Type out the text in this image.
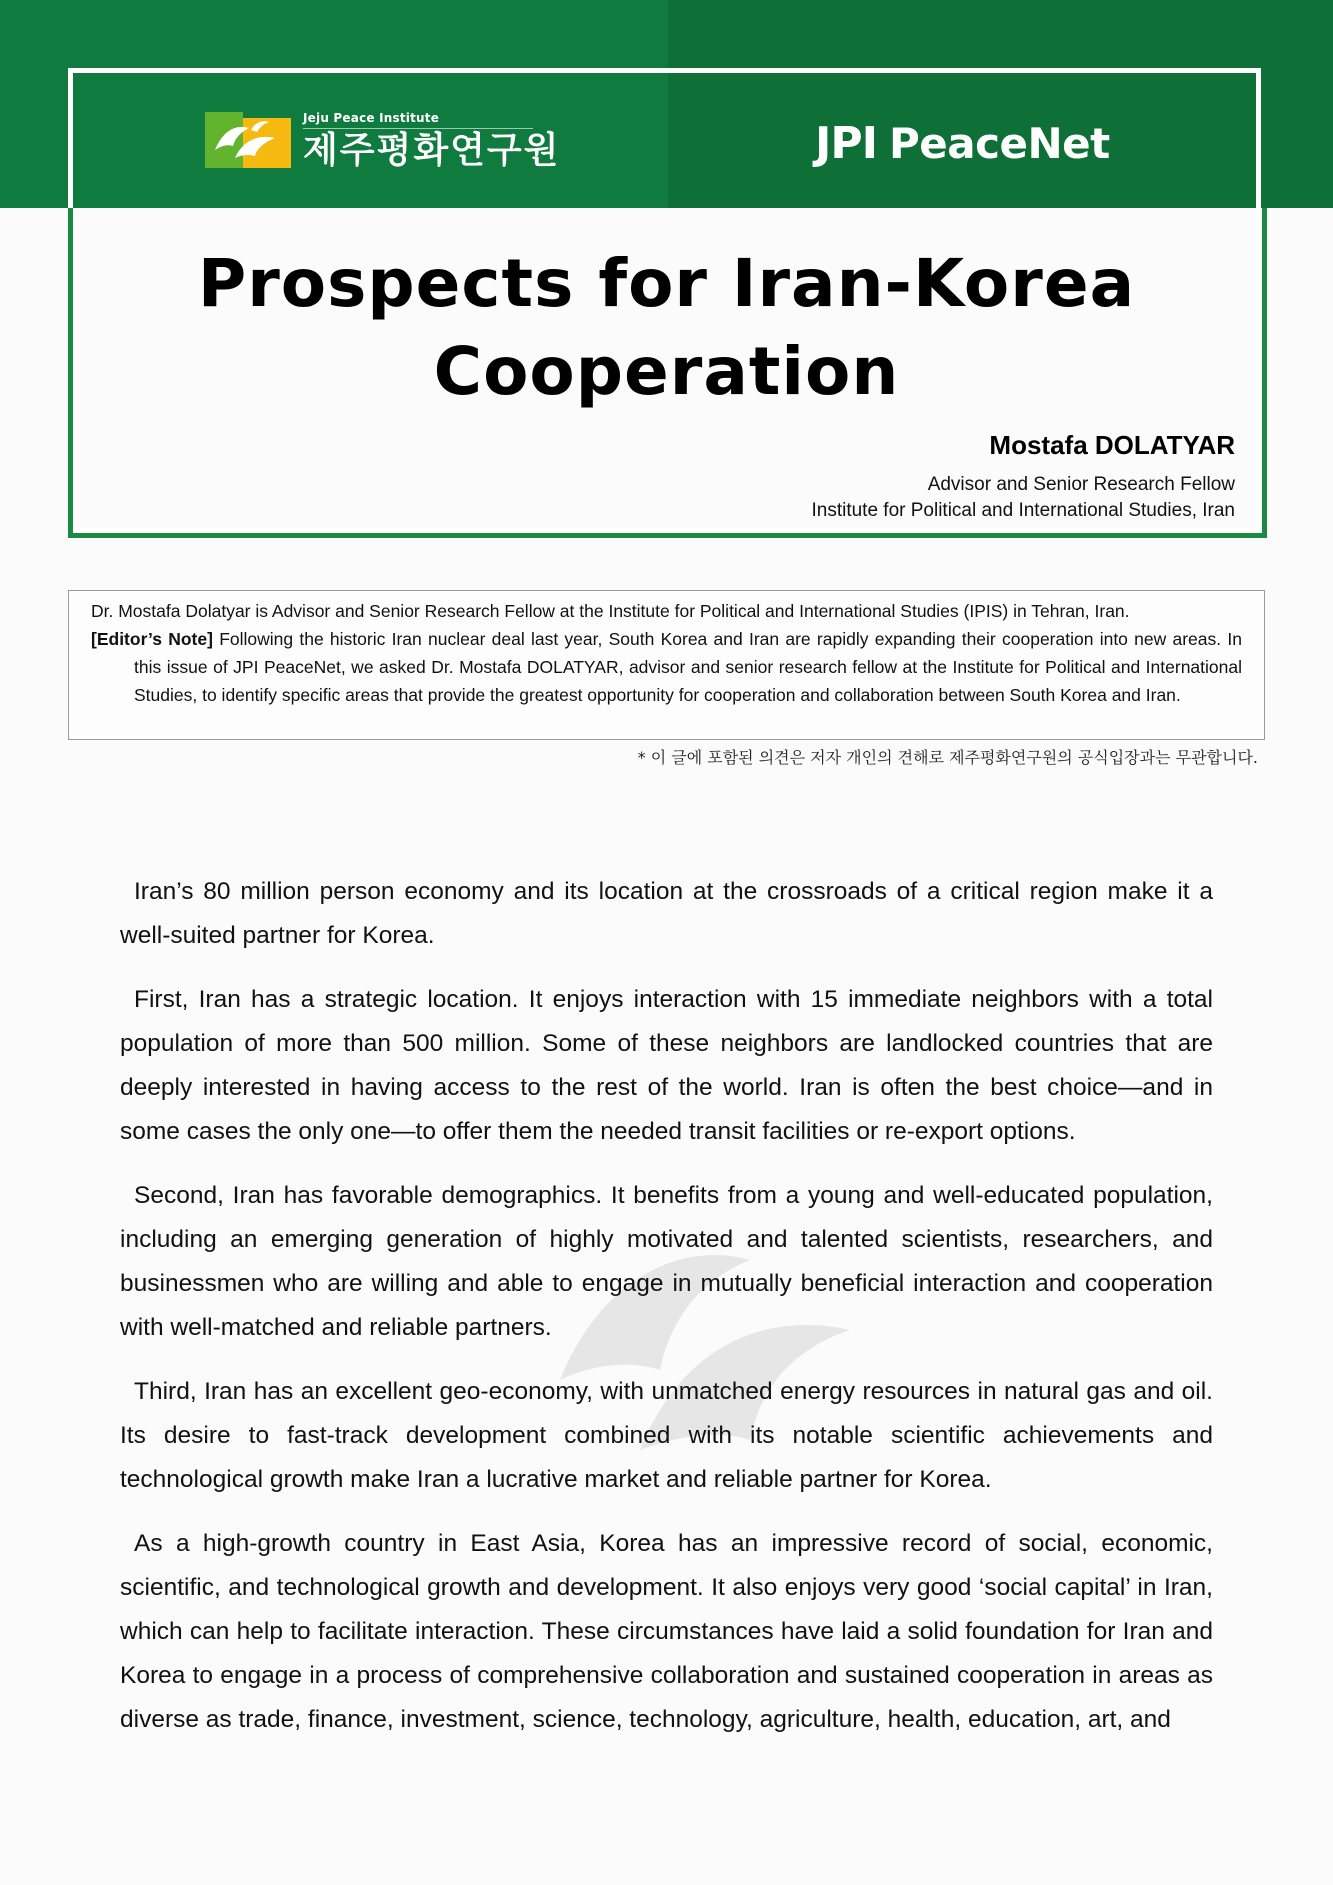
Jeju Peace Institute
제주평화연구원	JPI PeaceNet
Prospects for Iran-Korea
Cooperation
Mostafa DOLATYAR
Advisor and Senior Research Fellow
Institute for Political and International Studies, Iran

Dr. Mostafa Dolatyar is Advisor and Senior Research Fellow at the Institute for Political and International Studies (IPIS) in Tehran, Iran.

[Editor’s Note] Following the historic Iran nuclear deal last year, South Korea and Iran are rapidly expanding their cooperation into new areas. In this issue of JPI PeaceNet, we asked Dr. Mostafa DOLATYAR, advisor and senior research fellow at the Institute for Political and International Studies, to identify specific areas that provide the greatest opportunity for cooperation and collaboration between South Korea and Iran.

* 이 글에 포함된 의견은 저자 개인의 견해로 제주평화연구원의 공식입장과는 무관합니다.

Iran’s 80 million person economy and its location at the crossroads of a critical region make it a well-suited partner for Korea.

First, Iran has a strategic location. It enjoys interaction with 15 immediate neighbors with a total population of more than 500 million. Some of these neighbors are landlocked countries that are deeply interested in having access to the rest of the world. Iran is often the best choice—and in some cases the only one—to offer them the needed transit facilities or re-export options.

Second, Iran has favorable demographics. It benefits from a young and well-educated population, including an emerging generation of highly motivated and talented scientists, researchers, and businessmen who are willing and able to engage in mutually beneficial interaction and cooperation with well-matched and reliable partners.

Third, Iran has an excellent geo-economy, with unmatched energy resources in natural gas and oil. Its desire to fast-track development combined with its notable scientific achievements and technological growth make Iran a lucrative market and reliable partner for Korea.

As a high-growth country in East Asia, Korea has an impressive record of social, economic, scientific, and technological growth and development. It also enjoys very good ‘social capital’ in Iran, which can help to facilitate interaction. These circumstances have laid a solid foundation for Iran and Korea to engage in a process of comprehensive collaboration and sustained cooperation in areas as diverse as trade, finance, investment, science, technology, agriculture, health, education, art, and
